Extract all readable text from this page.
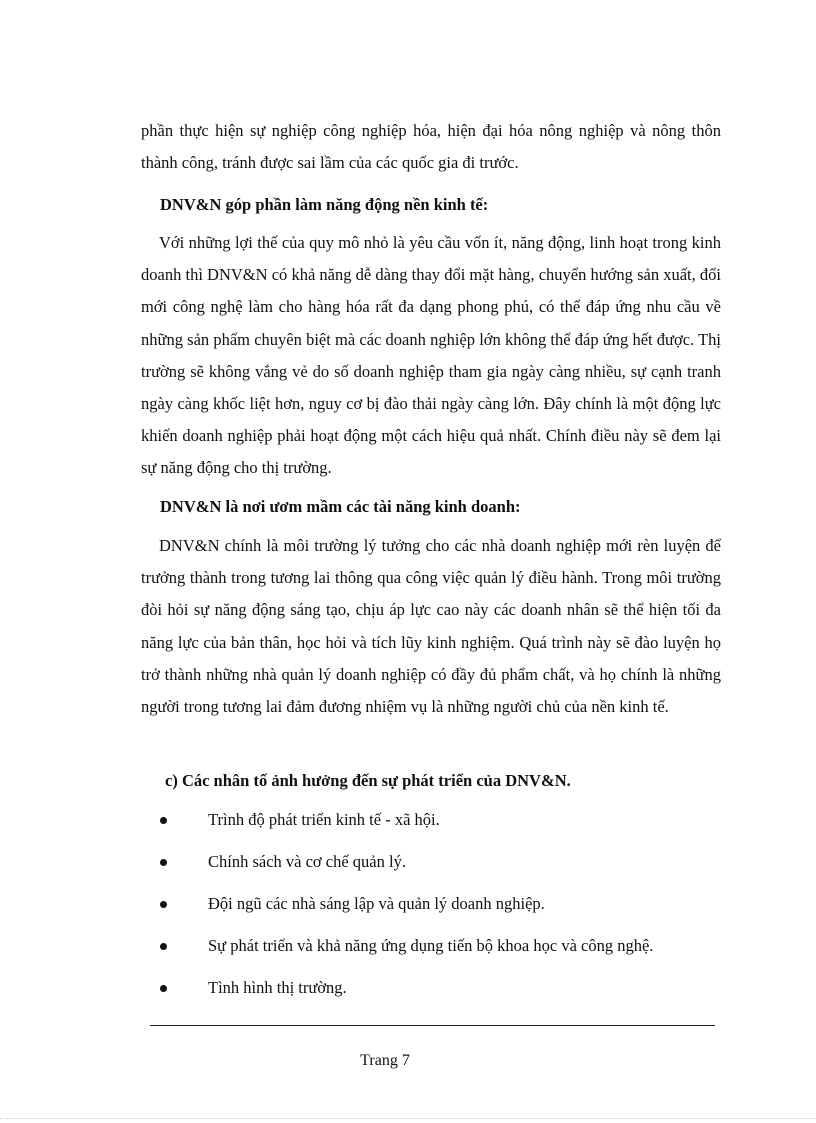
phần thực hiện sự nghiệp công nghiệp hóa, hiện đại hóa nông nghiệp và nông thôn thành công, tránh được sai lầm của các quốc gia đi trước.

DNV&N góp phần làm năng động nền kinh tế:

Với những lợi thế của quy mô nhỏ là yêu cầu vốn ít, năng động, linh hoạt trong kinh doanh thì DNV&N có khả năng dễ dàng thay đổi mặt hàng, chuyển hướng sản xuất, đổi mới công nghệ làm cho hàng hóa rất đa dạng phong phú, có thể đáp ứng nhu cầu về những sản phẩm chuyên biệt mà các doanh nghiệp lớn không thể đáp ứng hết được. Thị trường sẽ không vắng vẻ do số doanh nghiệp tham gia ngày càng nhiều, sự cạnh tranh ngày càng khốc liệt hơn, nguy cơ bị đào thải ngày càng lớn. Đây chính là một động lực khiến doanh nghiệp phải hoạt động một cách hiệu quả nhất. Chính điều này sẽ đem lại sự năng động cho thị trường.

DNV&N là nơi ươm mầm các tài năng kinh doanh:

DNV&N chính là môi trường lý tưởng cho các nhà doanh nghiệp mới rèn luyện để trưởng thành trong tương lai thông qua công việc quản lý điều hành. Trong môi trường đòi hỏi sự năng động sáng tạo, chịu áp lực cao này các doanh nhân sẽ thể hiện tối đa năng lực của bản thân, học hỏi và tích lũy kinh nghiệm. Quá trình này sẽ đào luyện họ trở thành những nhà quản lý doanh nghiệp có đầy đủ phẩm chất, và họ chính là những người trong tương lai đảm đương nhiệm vụ là những người chủ của nền kinh tế.

c) Các nhân tố ảnh hưởng đến sự phát triển của DNV&N.
Trình độ phát triển kinh tế - xã hội.
Chính sách và cơ chế quản lý.
Đội ngũ các nhà sáng lập và quản lý doanh nghiệp.
Sự phát triển và khả năng ứng dụng tiến bộ khoa học và công nghệ.
Tình hình thị trường.
Trang 7
